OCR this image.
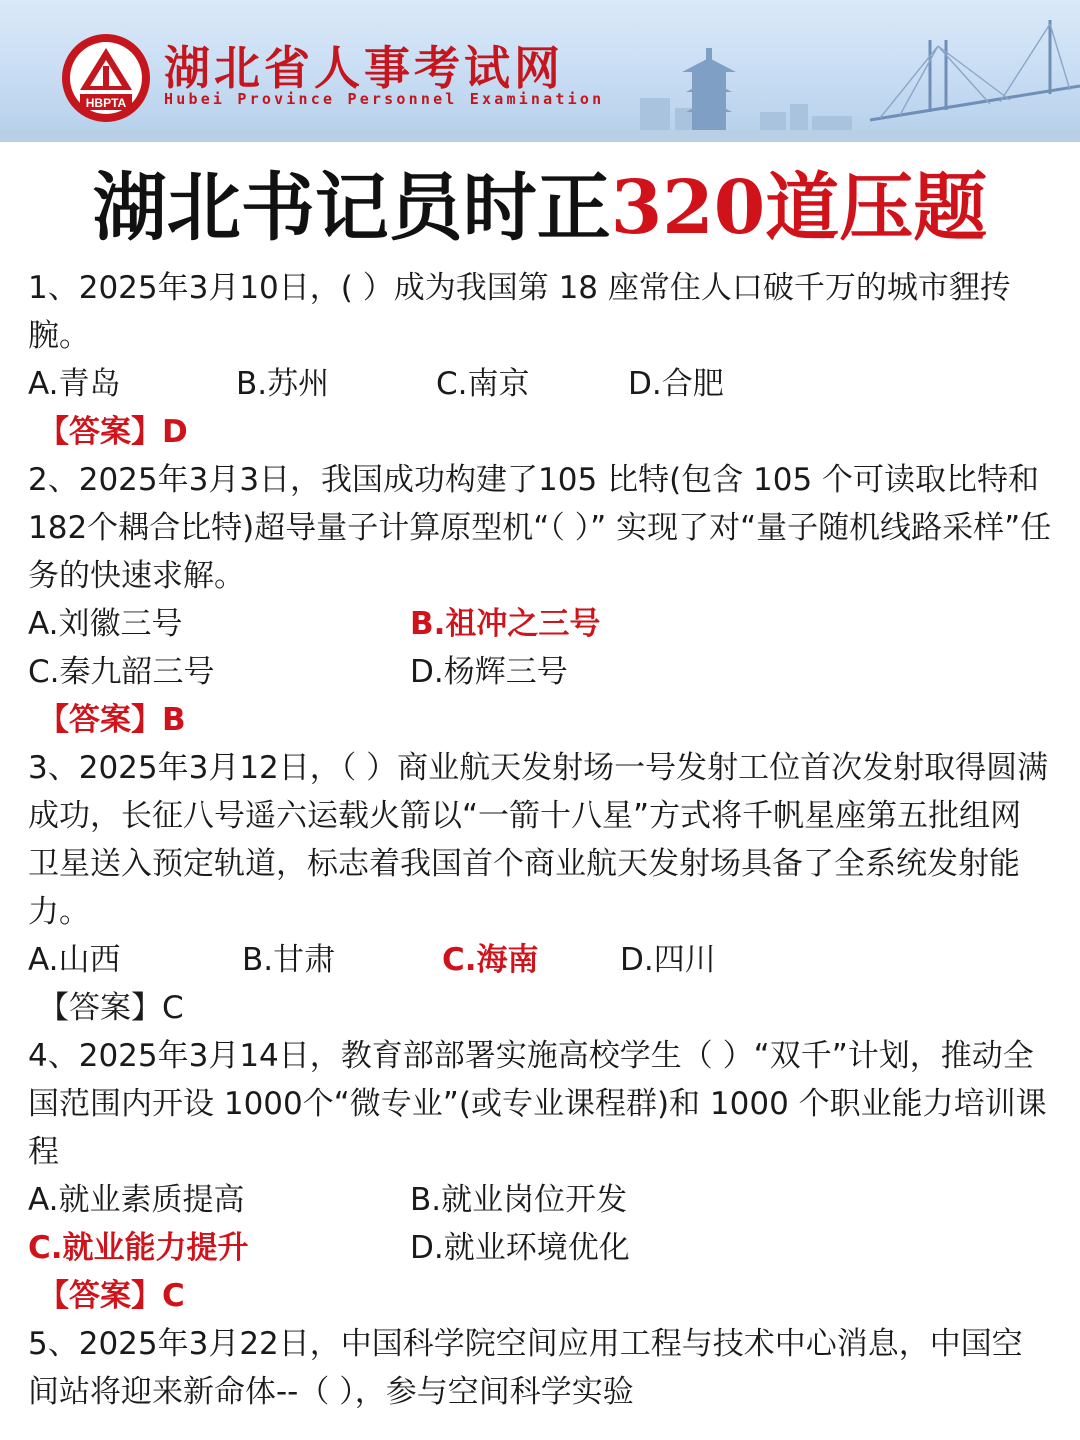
HBPTA
湖北省人事考试网
Hubei Province Personnel Examination
湖北书记员时正320道压题

1、2025年3月10日，( ）成为我国第 18 座常住人口破千万的城市貍抟腕。

A.青岛	B.苏州	C.南京	D.合肥
【答案】D

2、2025年3月3日，我国成功构建了105 比特(包含 105 个可读取比特和 182个耦合比特)超导量子计算原型机“（ ）” 实现了对“量子随机线路采样”任务的快速求解。

A.刘徽三号	B.祖冲之三号
C.秦九韶三号	D.杨辉三号
【答案】B

3、2025年3月12日，（ ）商业航天发射场一号发射工位首次发射取得圆满成功，长征八号遥六运载火箭以“一箭十八星”方式将千帆星座第五批组网卫星送入预定轨道，标志着我国首个商业航天发射场具备了全系统发射能力。

A.山西	B.甘肃	C.海南	D.四川
【答案】C

4、2025年3月14日，教育部部署实施高校学生（ ）“双千”计划，推动全国范围内开设 1000个“微专业”(或专业课程群)和 1000 个职业能力培训课程

A.就业素质提高	B.就业岗位开发
C.就业能力提升	D.就业环境优化
【答案】C

5、2025年3月22日，中国科学院空间应用工程与技术中心消息，中国空间站将迎来新命体--（ ），参与空间科学实验
